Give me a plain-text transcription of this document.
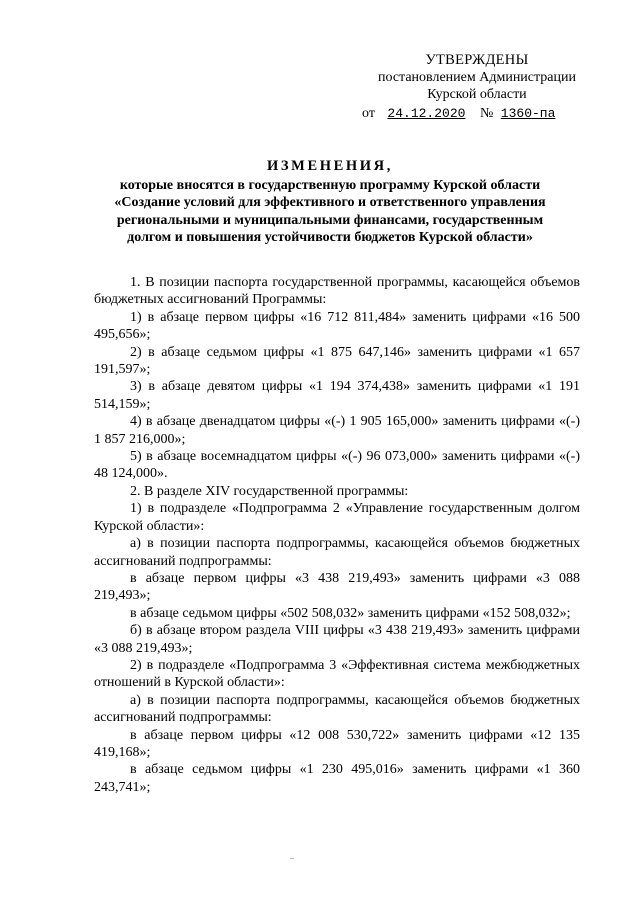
УТВЕРЖДЕНЫ
постановлением Администрации
Курской области
от 24.12.2020 № 1360-па
ИЗМЕНЕНИЯ,
которые вносятся в государственную программу Курской области
«Создание условий для эффективного и ответственного управления
региональными и муниципальными финансами, государственным
долгом и повышения устойчивости бюджетов Курской области»

1. В позиции паспорта государственной программы, касающейся объемов бюджетных ассигнований Программы:

1) в абзаце первом цифры «16 712 811,484» заменить цифрами «16 500 495,656»;

2) в абзаце седьмом цифры «1 875 647,146» заменить цифрами «1 657 191,597»;

3) в абзаце девятом цифры «1 194 374,438» заменить цифрами «1 191 514,159»;

4) в абзаце двенадцатом цифры «(-) 1 905 165,000» заменить цифрами «(-) 1 857 216,000»;

5) в абзаце восемнадцатом цифры «(-) 96 073,000» заменить цифрами «(-) 48 124,000».

2. В разделе XIV государственной программы:

1) в подразделе «Подпрограмма 2 «Управление государственным долгом Курской области»:

а) в позиции паспорта подпрограммы, касающейся объемов бюджетных ассигнований подпрограммы:

в абзаце первом цифры «3 438 219,493» заменить цифрами «3 088 219,493»;

в абзаце седьмом цифры «502 508,032» заменить цифрами «152 508,032»;

б) в абзаце втором раздела VIII цифры «3 438 219,493» заменить цифрами «3 088 219,493»;

2) в подразделе «Подпрограмма 3 «Эффективная система межбюджетных отношений в Курской области»:

а) в позиции паспорта подпрограммы, касающейся объемов бюджетных ассигнований подпрограммы:

в абзаце первом цифры «12 008 530,722» заменить цифрами «12 135 419,168»;

в абзаце седьмом цифры «1 230 495,016» заменить цифрами «1 360 243,741»;
